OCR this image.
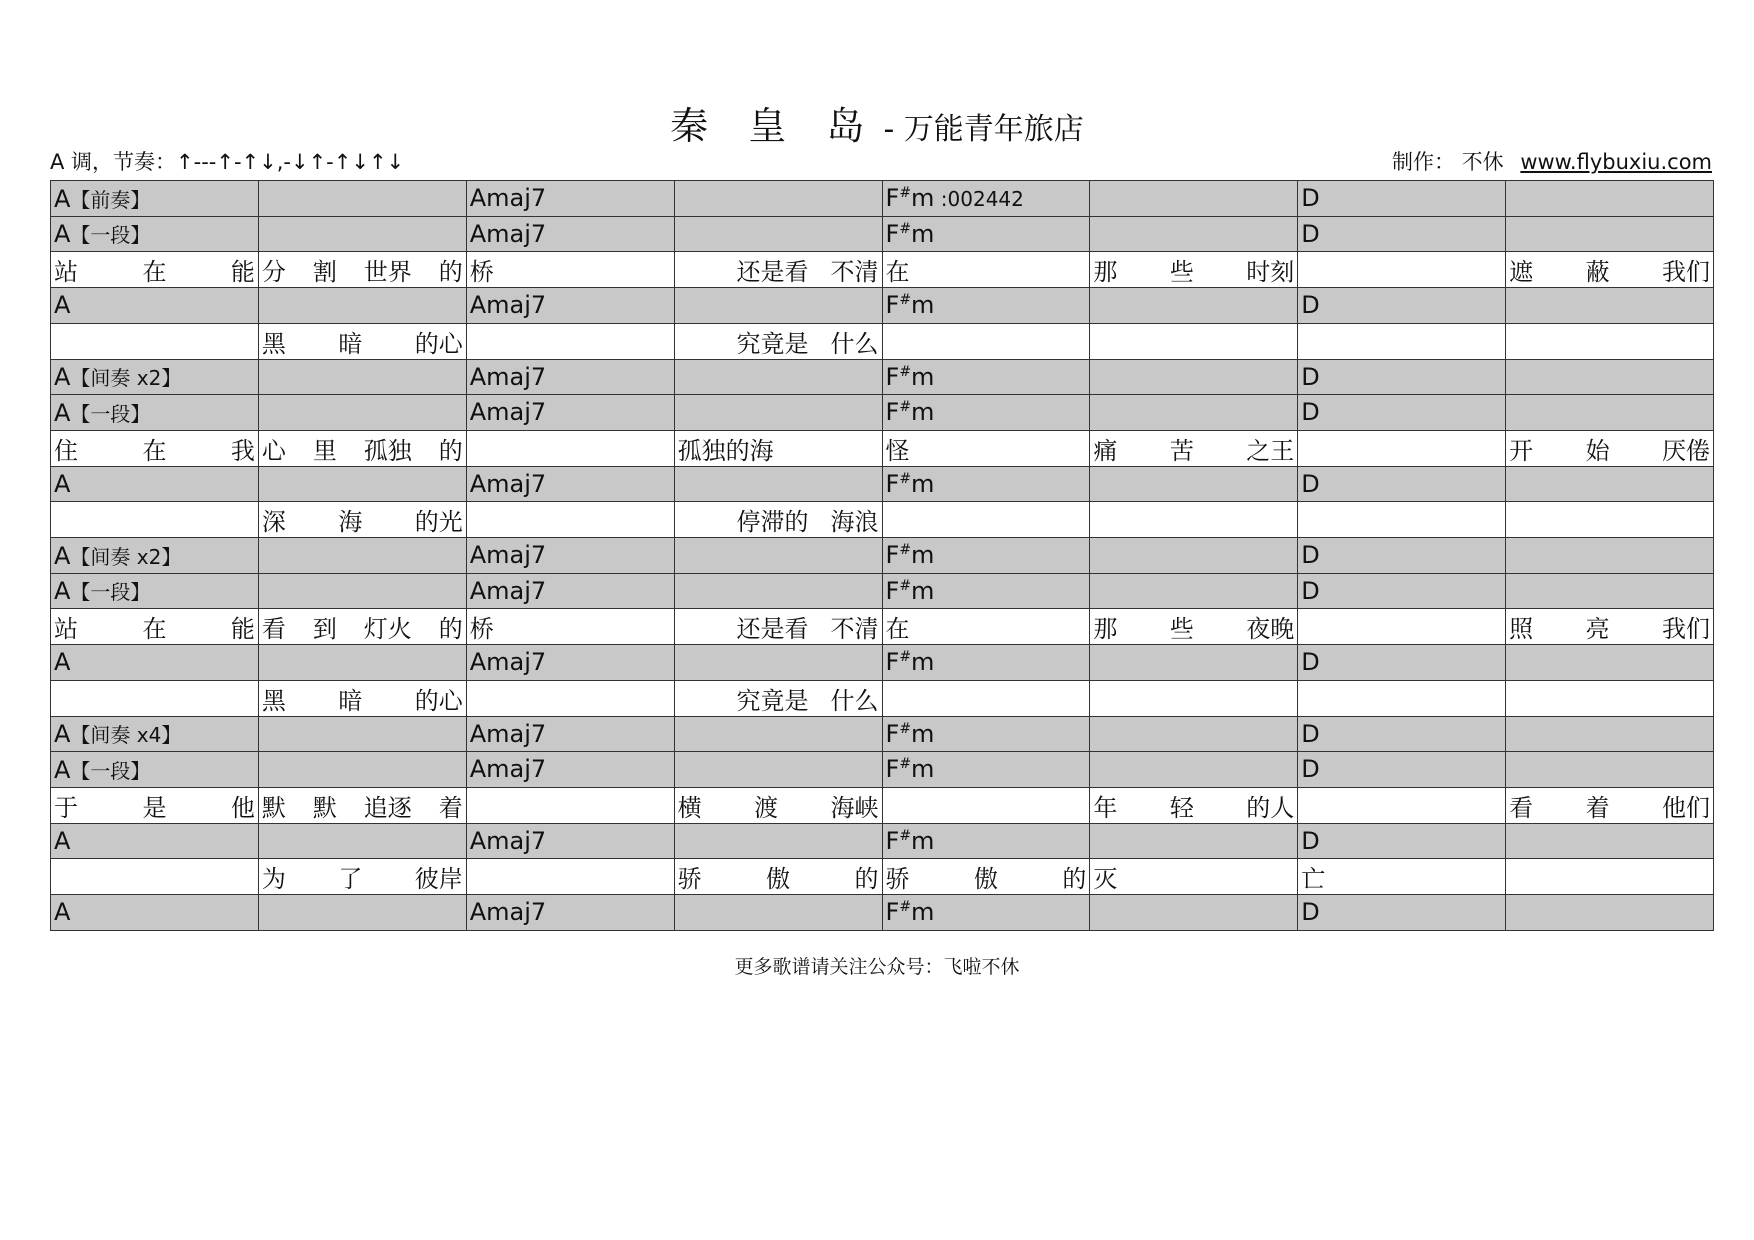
秦 皇 岛 - 万能青年旅店
A 调，节奏：↑---↑-↑↓,-↓↑-↑↓↑↓	制作： 不休 www.flybuxiu.com
A【前奏】		Amaj7		F#m :002442		D	
A【一段】		Amaj7		F#m		D	

站 在 能	分 割 世界 的	桥	还是看 不清	在	那 些 时刻		遮 蔽 我们

A		Amaj7		F#m		D	

	黑 暗 的心		究竟是 什么				

A【间奏 x2】		Amaj7		F#m		D	
A【一段】		Amaj7		F#m		D	

住 在 我	心 里 孤独 的		孤独的海	怪	痛 苦 之王		开 始 厌倦

A		Amaj7		F#m		D	

	深 海 的光		停滞的 海浪				

A【间奏 x2】		Amaj7		F#m		D	
A【一段】		Amaj7		F#m		D	

站 在 能	看 到 灯火 的	桥	还是看 不清	在	那 些 夜晚		照 亮 我们

A		Amaj7		F#m		D	

	黑 暗 的心		究竟是 什么				

A【间奏 x4】		Amaj7		F#m		D	
A【一段】		Amaj7		F#m		D	

于 是 他	默 默 追逐 着		横 渡 海峡		年 轻 的人		看 着 他们

A		Amaj7		F#m		D	

	为 了 彼岸		骄 傲 的	骄 傲 的	灭	亡	

A		Amaj7		F#m		D	
更多歌谱请关注公众号：飞啦不休
